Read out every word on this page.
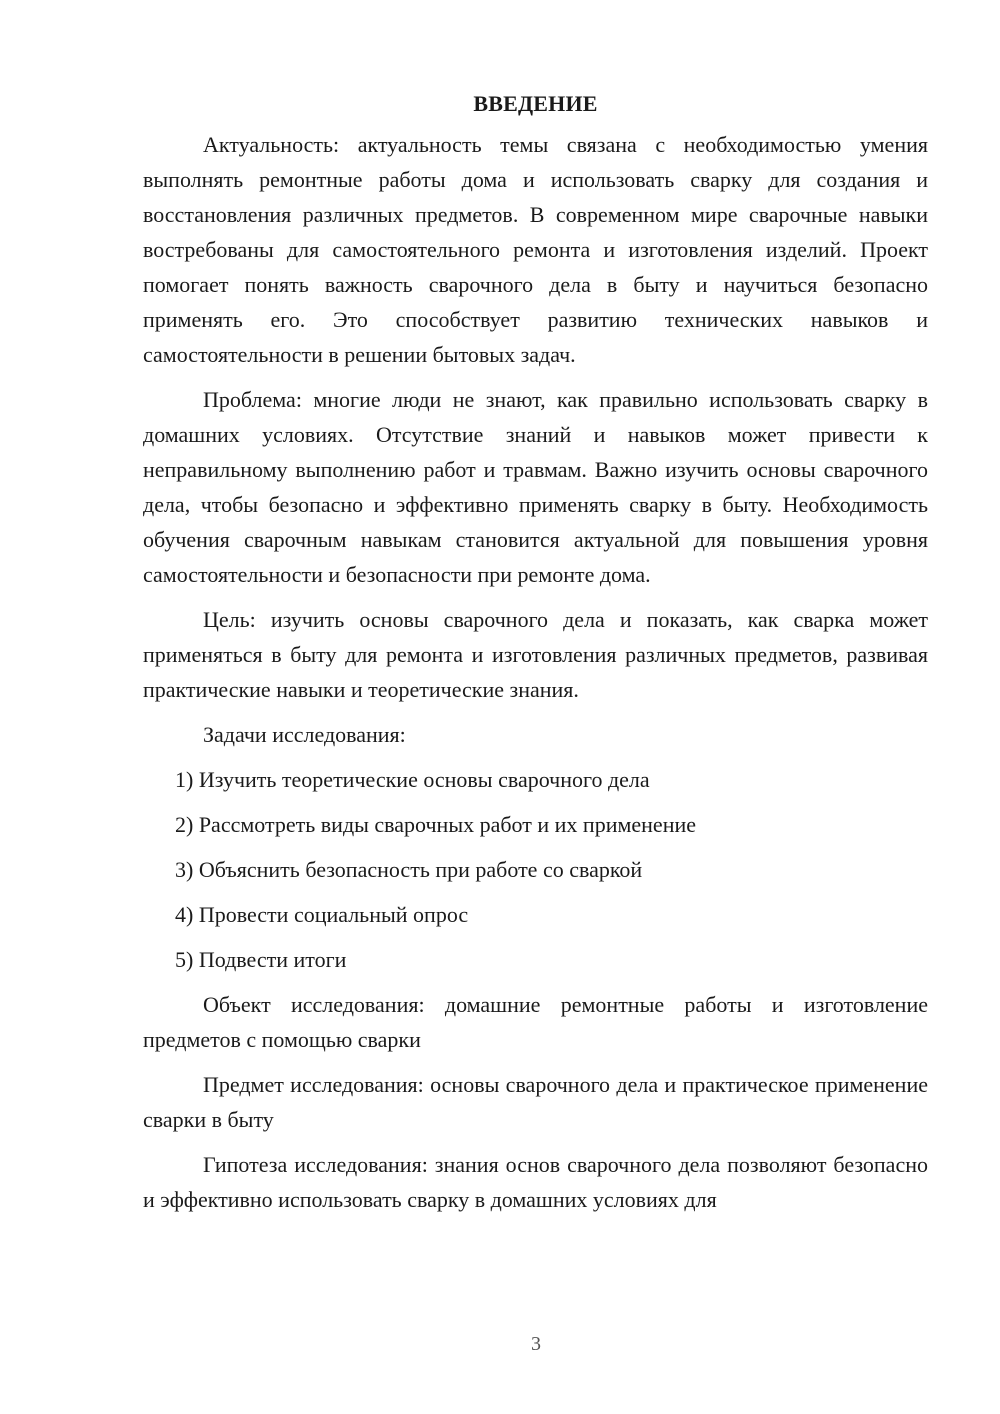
ВВЕДЕНИЕ

Актуальность: актуальность темы связана с необходимостью умения выполнять ремонтные работы дома и использовать сварку для создания и восстановления различных предметов. В современном мире сварочные навыки востребованы для самостоятельного ремонта и изготовления изделий. Проект помогает понять важность сварочного дела в быту и научиться безопасно применять его. Это способствует развитию технических навыков и самостоятельности в решении бытовых задач.

Проблема: многие люди не знают, как правильно использовать сварку в домашних условиях. Отсутствие знаний и навыков может привести к неправильному выполнению работ и травмам. Важно изучить основы сварочного дела, чтобы безопасно и эффективно применять сварку в быту. Необходимость обучения сварочным навыкам становится актуальной для повышения уровня самостоятельности и безопасности при ремонте дома.

Цель: изучить основы сварочного дела и показать, как сварка может применяться в быту для ремонта и изготовления различных предметов, развивая практические навыки и теоретические знания.

Задачи исследования:
1) Изучить теоретические основы сварочного дела
2) Рассмотреть виды сварочных работ и их применение
3) Объяснить безопасность при работе со сваркой
4) Провести социальный опрос
5) Подвести итоги

Объект исследования: домашние ремонтные работы и изготовление предметов с помощью сварки

Предмет исследования: основы сварочного дела и практическое применение сварки в быту

Гипотеза исследования: знания основ сварочного дела позволяют безопасно и эффективно использовать сварку в домашних условиях для

3
